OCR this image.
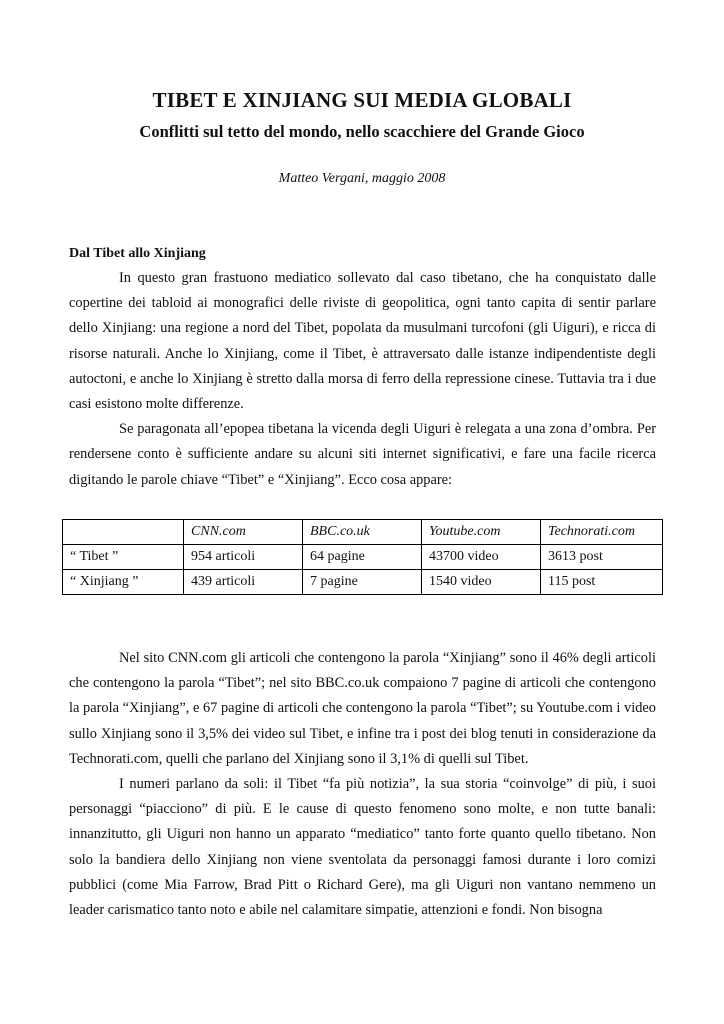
TIBET E XINJIANG SUI MEDIA GLOBALI
Conflitti sul tetto del mondo, nello scacchiere del Grande Gioco
Matteo Vergani, maggio 2008
Dal Tibet allo Xinjiang

In questo gran frastuono mediatico sollevato dal caso tibetano, che ha conquistato dalle copertine dei tabloid ai monografici delle riviste di geopolitica, ogni tanto capita di sentir parlare dello Xinjiang: una regione a nord del Tibet, popolata da musulmani turcofoni (gli Uiguri), e ricca di risorse naturali. Anche lo Xinjiang, come il Tibet, è attraversato dalle istanze indipendentiste degli autoctoni, e anche lo Xinjiang è stretto dalla morsa di ferro della repressione cinese. Tuttavia tra i due casi esistono molte differenze.

Se paragonata all’epopea tibetana la vicenda degli Uiguri è relegata a una zona d’ombra. Per rendersene conto è sufficiente andare su alcuni siti internet significativi, e fare una facile ricerca digitando le parole chiave “Tibet” e “Xinjiang”. Ecco cosa appare:

	CNN.com	BBC.co.uk	Youtube.com	Technorati.com
“ Tibet ”	954 articoli	64 pagine	43700 video	3613 post
“ Xinjiang ”	439 articoli	7 pagine	1540 video	115 post

Nel sito CNN.com gli articoli che contengono la parola “Xinjiang” sono il 46% degli articoli che contengono la parola “Tibet”; nel sito BBC.co.uk compaiono 7 pagine di articoli che contengono la parola “Xinjiang”, e 67 pagine di articoli che contengono la parola “Tibet”; su Youtube.com i video sullo Xinjiang sono il 3,5% dei video sul Tibet, e infine tra i post dei blog tenuti in considerazione da Technorati.com, quelli che parlano del Xinjiang sono il 3,1% di quelli sul Tibet.

I numeri parlano da soli: il Tibet “fa più notizia”, la sua storia “coinvolge” di più, i suoi personaggi “piacciono” di più. E le cause di questo fenomeno sono molte, e non tutte banali: innanzitutto, gli Uiguri non hanno un apparato “mediatico” tanto forte quanto quello tibetano. Non solo la bandiera dello Xinjiang non viene sventolata da personaggi famosi durante i loro comizi pubblici (come Mia Farrow, Brad Pitt o Richard Gere), ma gli Uiguri non vantano nemmeno un leader carismatico tanto noto e abile nel calamitare simpatie, attenzioni e fondi. Non bisogna
